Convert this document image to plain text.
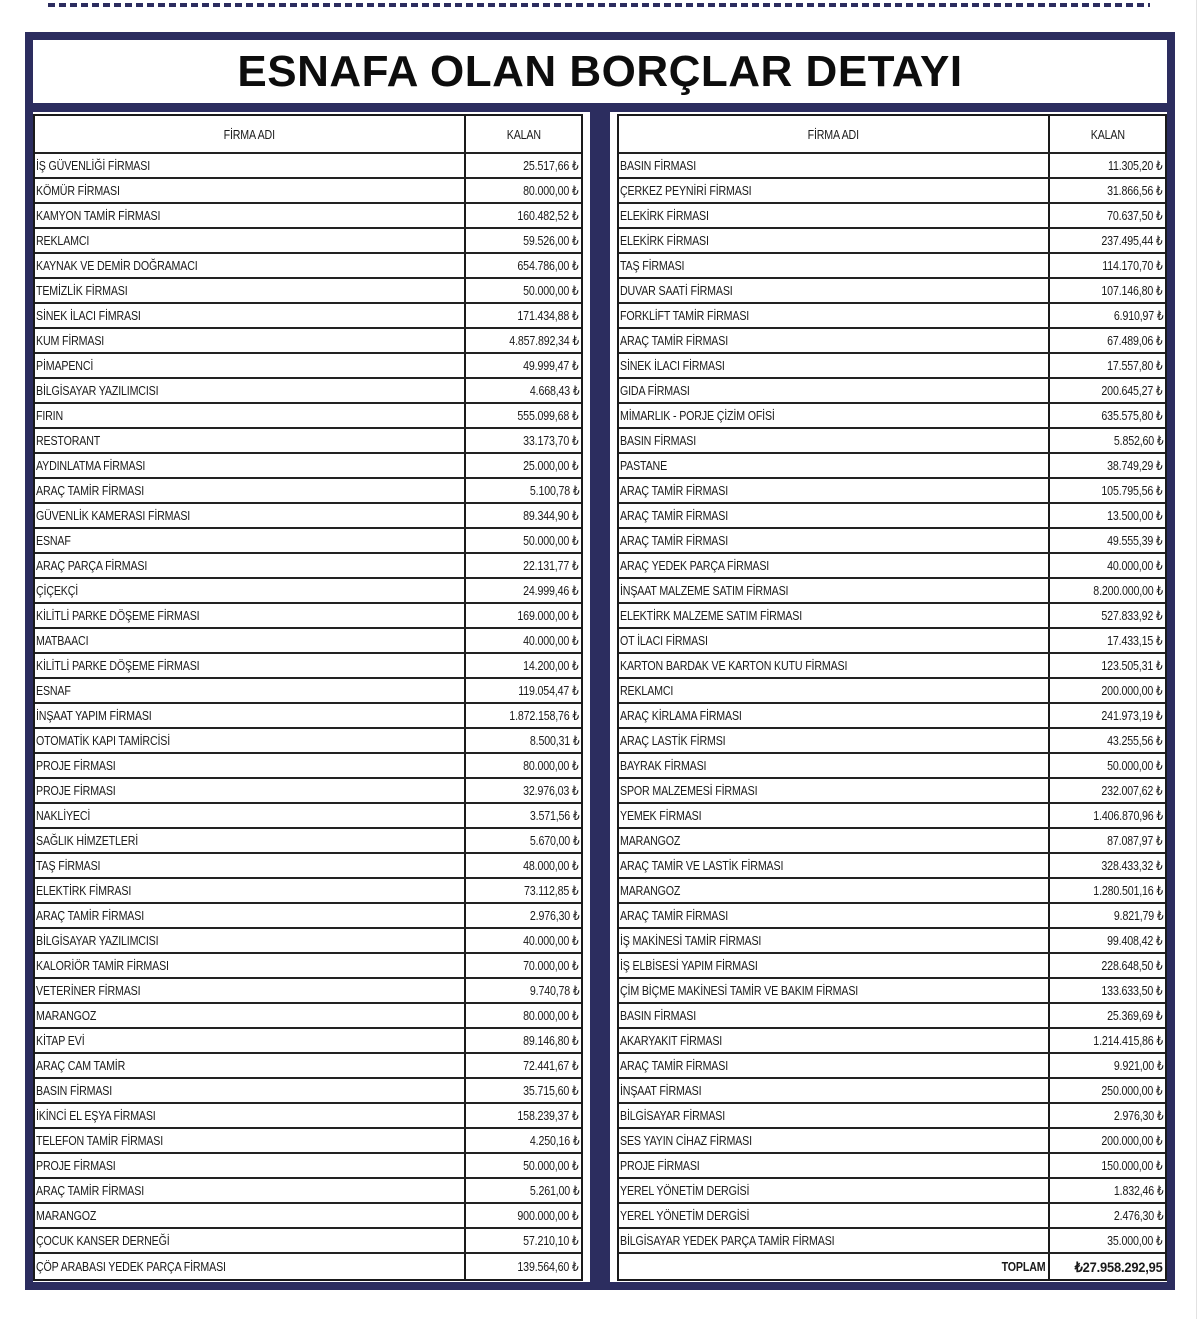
ESNAFA OLAN BORÇLAR DETAYI
FİRMA ADI	KALAN
İŞ GÜVENLİĞİ FİRMASI	25.517,66 ₺
KÖMÜR FİRMASI	80.000,00 ₺
KAMYON TAMİR FİRMASI	160.482,52 ₺
REKLAMCI	59.526,00 ₺
KAYNAK VE DEMİR DOĞRAMACI	654.786,00 ₺
TEMİZLİK FİRMASI	50.000,00 ₺
SİNEK İLACI FİMRASI	171.434,88 ₺
KUM FİRMASI	4.857.892,34 ₺
PİMAPENCİ	49.999,47 ₺
BİLGİSAYAR YAZILIMCISI	4.668,43 ₺
FIRIN	555.099,68 ₺
RESTORANT	33.173,70 ₺
AYDINLATMA FİRMASI	25.000,00 ₺
ARAÇ TAMİR FİRMASI	5.100,78 ₺
GÜVENLİK KAMERASI FİRMASI	89.344,90 ₺
ESNAF	50.000,00 ₺
ARAÇ PARÇA FİRMASI	22.131,77 ₺
ÇİÇEKÇİ	24.999,46 ₺
KİLİTLİ PARKE DÖŞEME FİRMASI	169.000,00 ₺
MATBAACI	40.000,00 ₺
KİLİTLİ PARKE DÖŞEME FİRMASI	14.200,00 ₺
ESNAF	119.054,47 ₺
İNŞAAT YAPIM FİRMASI	1.872.158,76 ₺
OTOMATİK KAPI TAMİRCİSİ	8.500,31 ₺
PROJE FİRMASI	80.000,00 ₺
PROJE FİRMASI	32.976,03 ₺
NAKLİYECİ	3.571,56 ₺
SAĞLIK HİMZETLERİ	5.670,00 ₺
TAŞ FİRMASI	48.000,00 ₺
ELEKTİRK FİMRASI	73.112,85 ₺
ARAÇ TAMİR FİRMASI	2.976,30 ₺
BİLGİSAYAR YAZILIMCISI	40.000,00 ₺
KALORİÖR TAMİR FİRMASI	70.000,00 ₺
VETERİNER FİRMASI	9.740,78 ₺
MARANGOZ	80.000,00 ₺
KİTAP EVİ	89.146,80 ₺
ARAÇ CAM TAMİR	72.441,67 ₺
BASIN FİRMASI	35.715,60 ₺
İKİNCİ EL EŞYA FİRMASI	158.239,37 ₺
TELEFON TAMİR FİRMASI	4.250,16 ₺
PROJE FİRMASI	50.000,00 ₺
ARAÇ TAMİR FİRMASI	5.261,00 ₺
MARANGOZ	900.000,00 ₺
ÇOCUK KANSER DERNEĞİ	57.210,10 ₺
ÇÖP ARABASI YEDEK PARÇA FİRMASI	139.564,60 ₺
FİRMA ADI	KALAN
BASIN FİRMASI	11.305,20 ₺
ÇERKEZ PEYNİRİ FİRMASI	31.866,56 ₺
ELEKİRK FİRMASI	70.637,50 ₺
ELEKİRK FİRMASI	237.495,44 ₺
TAŞ FİRMASI	114.170,70 ₺
DUVAR SAATİ FİRMASI	107.146,80 ₺
FORKLİFT TAMİR FİRMASI	6.910,97 ₺
ARAÇ TAMİR FİRMASI	67.489,06 ₺
SİNEK İLACI FİRMASI	17.557,80 ₺
GIDA FİRMASI	200.645,27 ₺
MİMARLIK - PORJE ÇİZİM OFİSİ	635.575,80 ₺
BASIN FİRMASI	5.852,60 ₺
PASTANE	38.749,29 ₺
ARAÇ TAMİR FİRMASI	105.795,56 ₺
ARAÇ TAMİR FİRMASI	13.500,00 ₺
ARAÇ TAMİR FİRMASI	49.555,39 ₺
ARAÇ YEDEK PARÇA FİRMASI	40.000,00 ₺
İNŞAAT MALZEME SATIM FİRMASI	8.200.000,00 ₺
ELEKTİRK MALZEME SATIM FİRMASI	527.833,92 ₺
OT İLACI FİRMASI	17.433,15 ₺
KARTON BARDAK VE KARTON KUTU FİRMASI	123.505,31 ₺
REKLAMCI	200.000,00 ₺
ARAÇ KİRLAMA FİRMASI	241.973,19 ₺
ARAÇ LASTİK FİRMSI	43.255,56 ₺
BAYRAK FİRMASI	50.000,00 ₺
SPOR MALZEMESİ FİRMASI	232.007,62 ₺
YEMEK FİRMASI	1.406.870,96 ₺
MARANGOZ	87.087,97 ₺
ARAÇ TAMİR VE LASTİK FİRMASI	328.433,32 ₺
MARANGOZ	1.280.501,16 ₺
ARAÇ TAMİR FİRMASI	9.821,79 ₺
İŞ MAKİNESİ TAMİR FİRMASI	99.408,42 ₺
İŞ ELBİSESİ YAPIM FİRMASI	228.648,50 ₺
ÇİM BİÇME MAKİNESİ TAMİR VE BAKIM FİRMASI	133.633,50 ₺
BASIN FİRMASI	25.369,69 ₺
AKARYAKIT FİRMASI	1.214.415,86 ₺
ARAÇ TAMİR FİRMASI	9.921,00 ₺
İNŞAAT FİRMASI	250.000,00 ₺
BİLGİSAYAR FİRMASI	2.976,30 ₺
SES YAYIN CİHAZ FİRMASI	200.000,00 ₺
PROJE FİRMASI	150.000,00 ₺
YEREL YÖNETİM DERGİSİ	1.832,46 ₺
YEREL YÖNETİM DERGİSİ	2.476,30 ₺
BİLGİSAYAR YEDEK PARÇA TAMİR FİRMASI	35.000,00 ₺
TOPLAM ₺27.958.292,95
